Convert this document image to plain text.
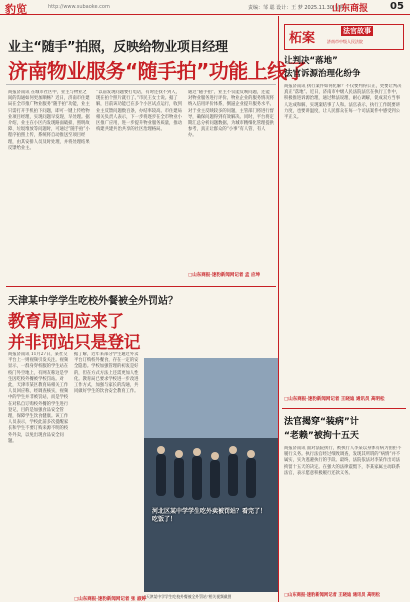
豹览	http://www.subaoke.com	责编：邹 聪 设计：王 梦 2025.11.30 星期日
山东商报 05
业主“随手”拍照，反映给物业项目经理
济南物业服务“随手拍”功能上线了
商报济南讯 在城市社区中，业主与物业之间的沟通如何更加顺畅？近日，济南市住建局在全市推广物业服务“随手拍”功能，业主只需打开手机拍下问题，即可一键上传给物业项目经理，实现问题早发现、早处理。据介绍，业主在小区内发现路面破损、照明故障、垃圾堆放等问题时，可通过“随手拍”小程序拍照上传，系统将自动推送至项目经理，由其安排人员及时处理，并将处理结果反馈给业主。
“以前发现问题要打电话，有时还找不到人，现在拍个照片就行了。”市民王女士说。据了解，目前该功能已在多个小区试点运行，收到业主反馈问题数百条，办结率较高。市住建局相关负责人表示，下一步将逐步在全市物业小区推广应用，进一步提升物业服务质量，推动构建共建共治共享的社区治理格局。
通过“随手拍”，业主不仅能反映问题，还能对物业服务进行评价。物业企业的服务情况将纳入信用评价体系，倒逼企业提升服务水平。对于业主反映较多的问题，主管部门将进行督导，确保问题得到有效解决。同时，平台将定期汇总分析问题数据，为城市精细化管理提供参考，真正让群众的“小事”有人管、有人办。
□山东商报·速豹新闻网记者 孟 应坤
天津某中学学生吃校外餐被全外罚站？
教育局回应来了
并非罚站只是登记
商报济南讯 11月27日，某社交平台上一则视频引发关注。视频显示，一群身穿校服的学生站在校门外空地上，有网友称这是学生因吃校外餐被学校罚站。对此，天津市某区教育局相关工作人员回应称，经调查核实，视频中的学生并非被罚站，而是学校在对私自订购校外餐的学生进行登记，目的是加强食品安全管理，保障学生饮食健康。该工作人员表示，学校此前多次提醒家长和学生不要订购来源不明的校外外卖，以免出现食品安全问题。
据了解，近年来部分学生通过外卖平台订购校外餐食，存在一定的安全隐患。学校加强管理的初衷是好的，但在方式方法上还需更加人性化。教育局已要求学校进一步改进工作方式，加强与家长的沟通，共同做好学生的饮食安全教育工作。
□山东商报·速豹新闻网记者 张 淑婷
河北区某中学学生吃外卖被罚站？看完了！吃饭了！
“天津某中学学生吃校外餐被全外罚站”相关视频截图
柘案	法官故事
济南市中级人民法院
让判决“落地”
法官诉源治理化纷争
商报济南讯 执行案件如何化解？不仅要判得公正，更要让判决真正“落地”。近日，济南市中级人民法院法官在执行工作中，积极推进诉源治理，通过释法说理、耐心调解，促成双方当事人达成和解，实现案结事了人和。法官表示，执行工作既要讲力度，也要讲温度，让人民群众在每一个司法案件中感受到公平正义。
□山东商报·速豹新闻网记者 王晓迪 通讯员 高明松
法官揭穿“装病”计
“老赖”被拘十五天
商报济南讯 面对法院执行，被执行人李某以身体有病为由拒不履行义务。执行法官经过细致调查，发现其所谓的“病情”并不属实，实为逃避执行的手段。最终，法院依法对李某作出司法拘留十五天的决定。在强大的法律震慑下，李某家属主动联系法官，表示愿意积极履行还款义务。
□山东商报·速豹新闻网记者 王晓迪 通讯员 高明松
